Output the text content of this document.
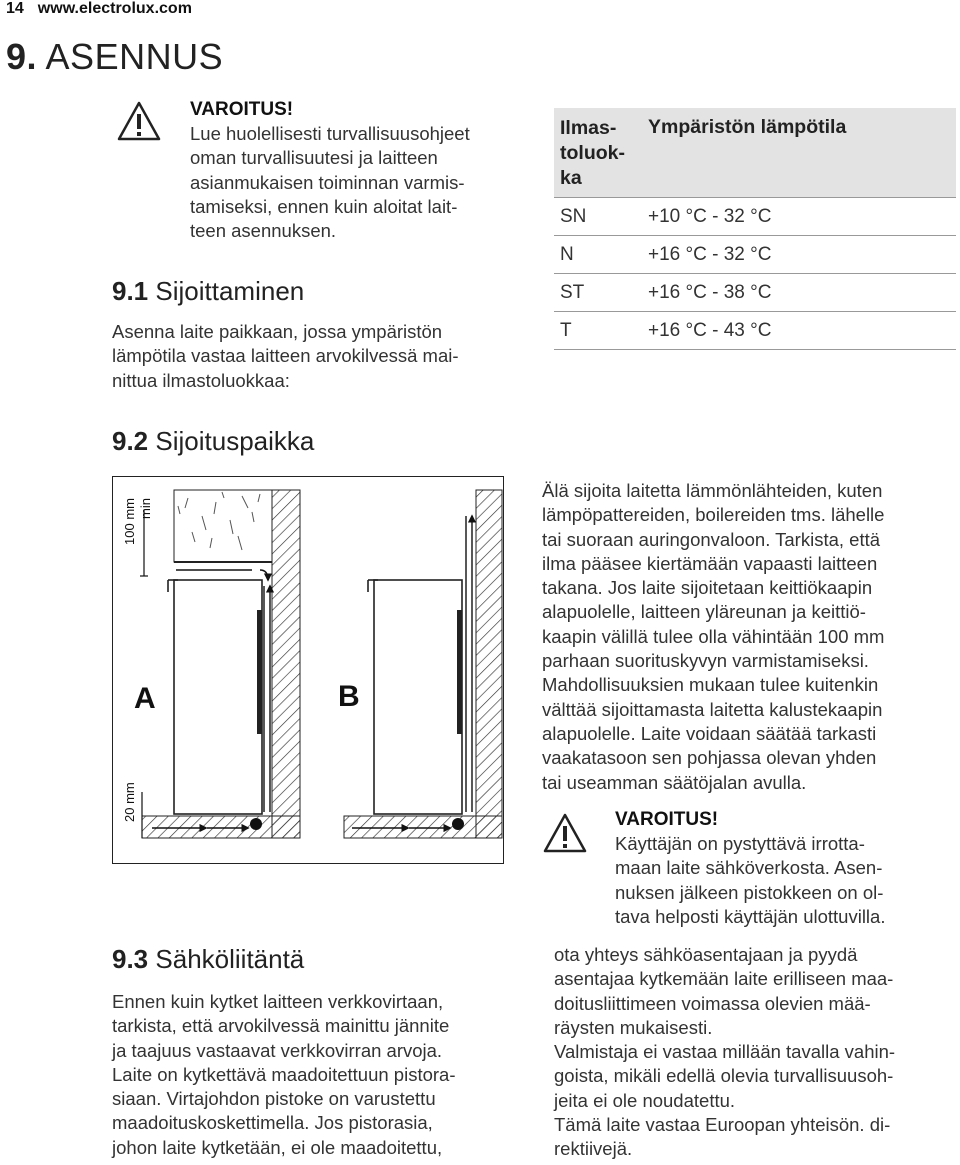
14 www.electrolux.com
9. ASENNUS
VAROITUS!
Lue huolellisesti turvallisuusohjeet
oman turvallisuutesi ja laitteen
asianmukaisen toiminnan varmis-
tamiseksi, ennen kuin aloitat lait-
teen asennuksen.
9.1 Sijoittaminen
Asenna laite paikkaan, jossa ympäristön
lämpötila vastaa laitteen arvokilvessä mai-
nittua ilmastoluokkaa:
Ilmas-
toluok-
ka	Ympäristön lämpötila
SN	+10 °C - 32 °C
N	+16 °C - 32 °C
ST	+16 °C - 38 °C
T	+16 °C - 43 °C
9.2 Sijoituspaikka
100 mm min
20 mm
A	B
Älä sijoita laitetta lämmönlähteiden, kuten
lämpöpattereiden, boilereiden tms. lähelle
tai suoraan auringonvaloon. Tarkista, että
ilma pääsee kiertämään vapaasti laitteen
takana. Jos laite sijoitetaan keittiökaapin
alapuolelle, laitteen yläreunan ja keittiö-
kaapin välillä tulee olla vähintään 100 mm
parhaan suorituskyvyn varmistamiseksi.
Mahdollisuuksien mukaan tulee kuitenkin
välttää sijoittamasta laitetta kalustekaapin
alapuolelle. Laite voidaan säätää tarkasti
vaakatasoon sen pohjassa olevan yhden
tai useamman säätöjalan avulla.
VAROITUS!
Käyttäjän on pystyttävä irrotta-
maan laite sähköverkosta. Asen-
nuksen jälkeen pistokkeen on ol-
tava helposti käyttäjän ulottuvilla.
9.3 Sähköliitäntä
Ennen kuin kytket laitteen verkkovirtaan,
tarkista, että arvokilvessä mainittu jännite
ja taajuus vastaavat verkkovirran arvoja.
Laite on kytkettävä maadoitettuun pistora-
siaan. Virtajohdon pistoke on varustettu
maadoituskoskettimella. Jos pistorasia,
johon laite kytketään, ei ole maadoitettu,
ota yhteys sähköasentajaan ja pyydä
asentajaa kytkemään laite erilliseen maa-
doitusliittimeen voimassa olevien mää-
räysten mukaisesti.
Valmistaja ei vastaa millään tavalla vahin-
goista, mikäli edellä olevia turvallisuusoh-
jeita ei ole noudatettu.
Tämä laite vastaa Euroopan yhteisön. di-
rektiivejä.
